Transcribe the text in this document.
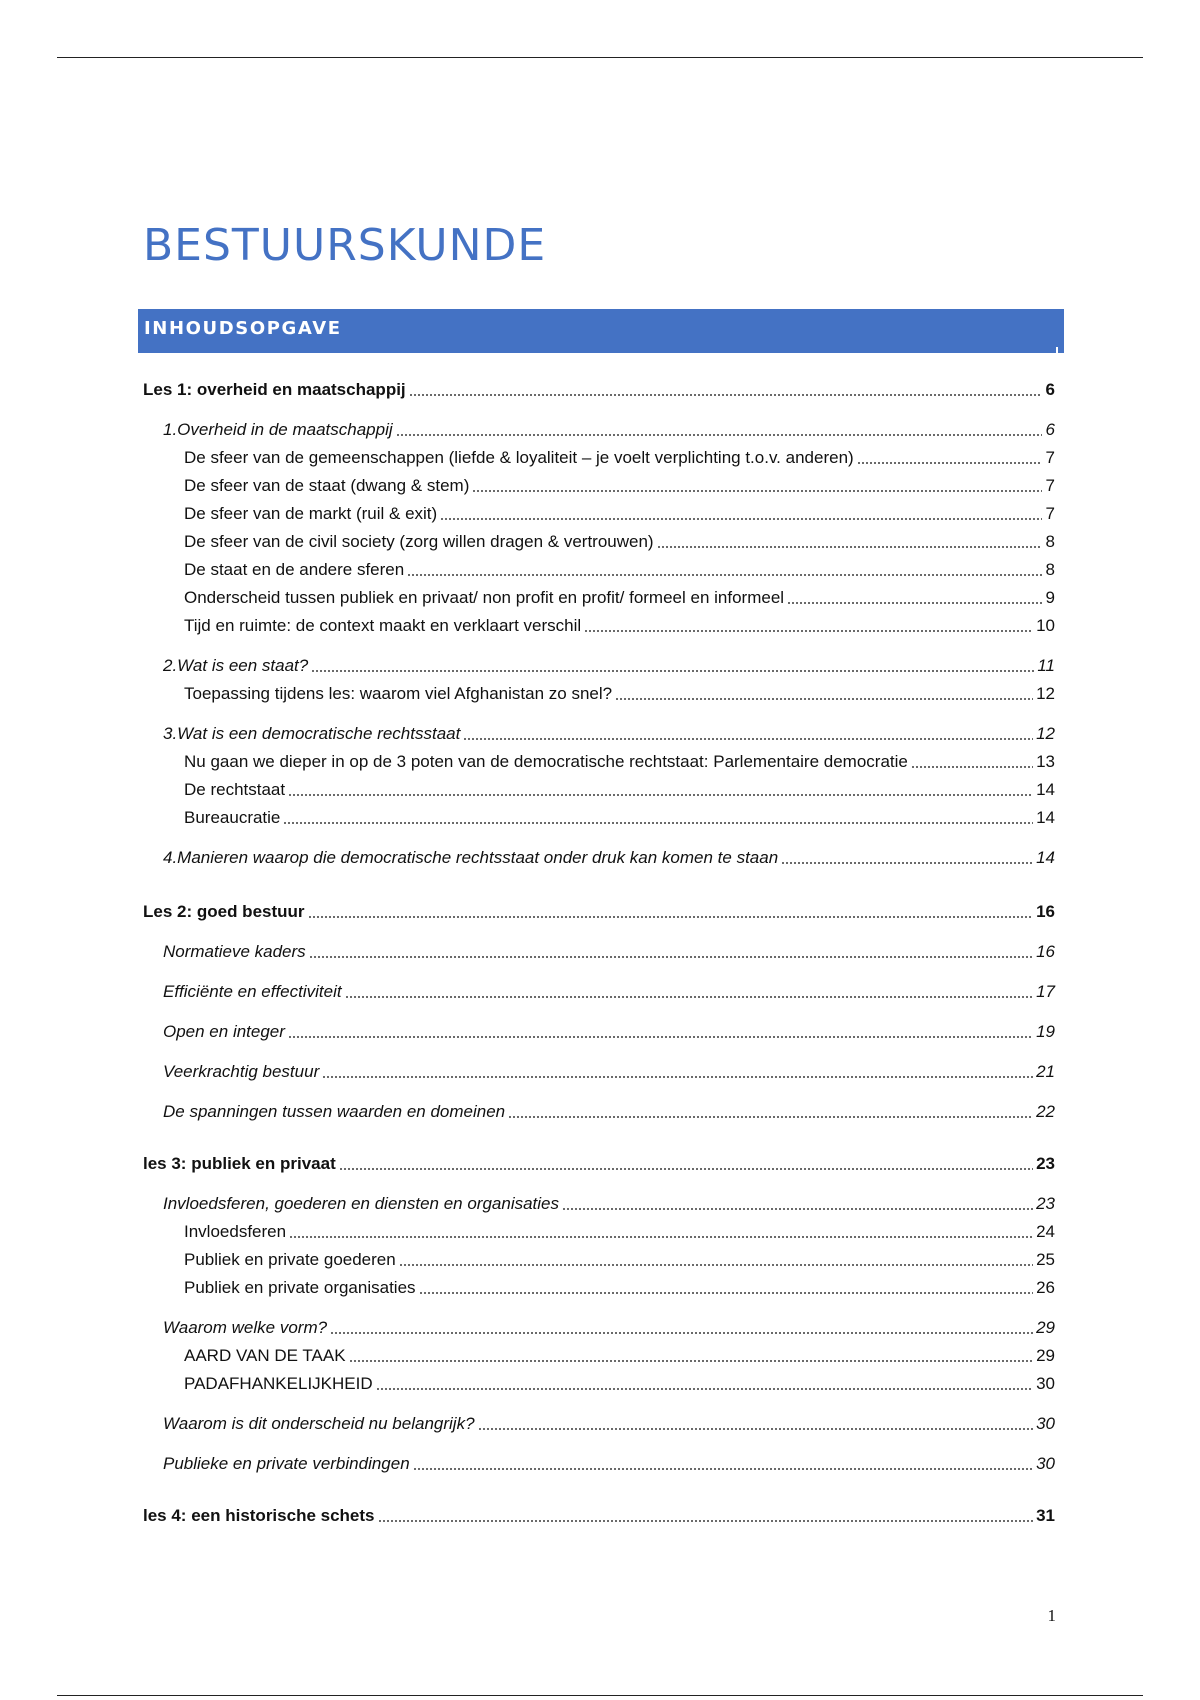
BESTUURSKUNDE
INHOUDSOPGAVE
Les 1: overheid en maatschappij	6
1.Overheid in de maatschappij	6
De sfeer van de gemeenschappen (liefde & loyaliteit – je voelt verplichting t.o.v. anderen)	7
De sfeer van de staat (dwang & stem)	7
De sfeer van de markt (ruil & exit)	7
De sfeer van de civil society (zorg willen dragen & vertrouwen)	8
De staat en de andere sferen	8
Onderscheid tussen publiek en privaat/ non profit en profit/ formeel en informeel	9
Tijd en ruimte: de context maakt en verklaart verschil	10
2.Wat is een staat?	11
Toepassing tijdens les: waarom viel Afghanistan zo snel?	12
3.Wat is een democratische rechtsstaat	12
Nu gaan we dieper in op de 3 poten van de democratische rechtstaat: Parlementaire democratie	13
De rechtstaat	14
Bureaucratie	14
4.Manieren waarop die democratische rechtsstaat onder druk kan komen te staan	14
Les 2: goed bestuur	16
Normatieve kaders	16
Efficiënte en effectiviteit	17
Open en integer	19
Veerkrachtig bestuur	21
De spanningen tussen waarden en domeinen	22
les 3: publiek en privaat	23
Invloedsferen, goederen en diensten en organisaties	23
Invloedsferen	24
Publiek en private goederen	25
Publiek en private organisaties	26
Waarom welke vorm?	29
AARD VAN DE TAAK	29
PADAFHANKELIJKHEID	30
Waarom is dit onderscheid nu belangrijk?	30
Publieke en private verbindingen	30
les 4: een historische schets	31
1
